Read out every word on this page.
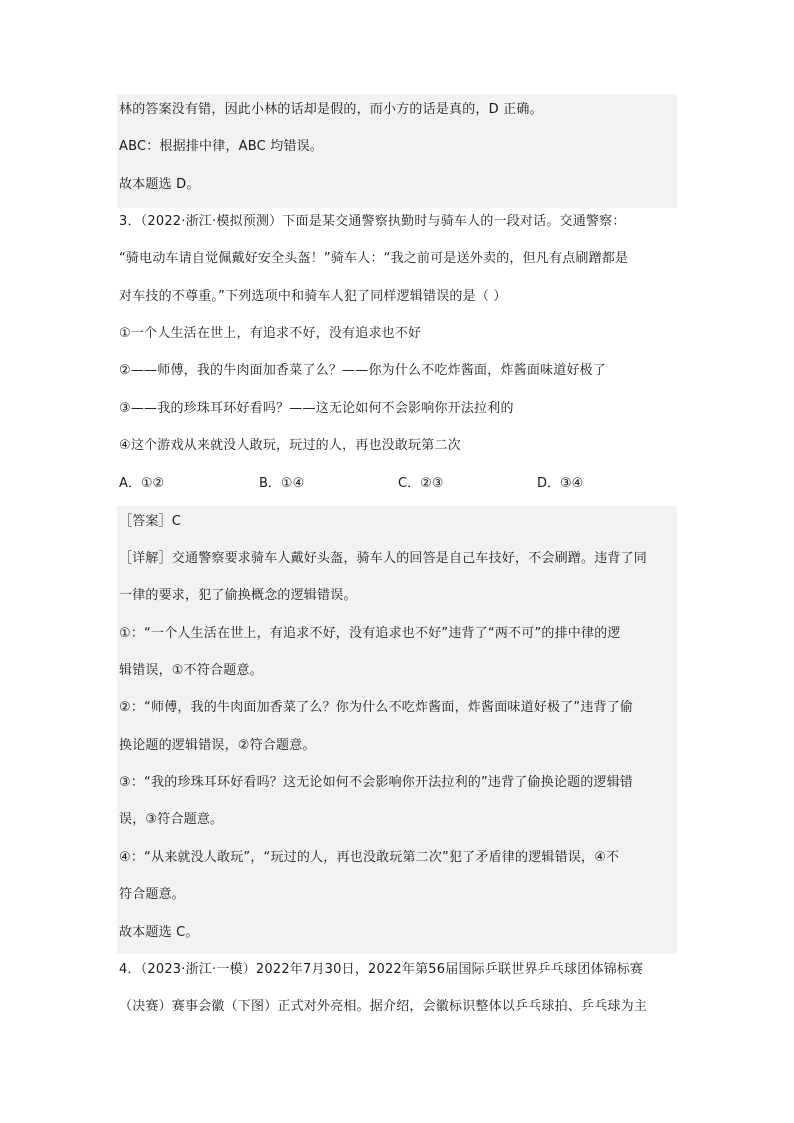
林的答案没有错，因此小林的话却是假的，而小方的话是真的，D 正确。
ABC：根据排中律，ABC 均错误。
故本题选 D。
3．（2022·浙江·模拟预测）下面是某交通警察执勤时与骑车人的一段对话。交通警察：
“骑电动车请自觉佩戴好安全头盔！”骑车人：“我之前可是送外卖的，但凡有点刷蹭都是
对车技的不尊重。”下列选项中和骑车人犯了同样逻辑错误的是（ ）
①一个人生活在世上，有追求不好，没有追求也不好
②——师傅，我的牛肉面加香菜了么？——你为什么不吃炸酱面，炸酱面味道好极了
③——我的珍珠耳环好看吗？——这无论如何不会影响你开法拉利的
④这个游戏从来就没人敢玩，玩过的人，再也没敢玩第二次
A．①②	B．①④	C．②③	D．③④
［答案］C
［详解］交通警察要求骑车人戴好头盔，骑车人的回答是自己车技好，不会刷蹭。违背了同
一律的要求，犯了偷换概念的逻辑错误。
①：“一个人生活在世上，有追求不好，没有追求也不好”违背了“两不可”的排中律的逻
辑错误，①不符合题意。
②：“师傅，我的牛肉面加香菜了么？你为什么不吃炸酱面，炸酱面味道好极了”违背了偷
换论题的逻辑错误，②符合题意。
③：“我的珍珠耳环好看吗？这无论如何不会影响你开法拉利的”违背了偷换论题的逻辑错
误，③符合题意。
④：“从来就没人敢玩”，“玩过的人，再也没敢玩第二次”犯了矛盾律的逻辑错误，④不
符合题意。
故本题选 C。
4．（2023·浙江·一模）2022年7月30日，2022年第56届国际乒联世界乒乓球团体锦标赛
（决赛）赛事会徽（下图）正式对外亮相。据介绍，会徽标识整体以乒乓球拍、乒乓球为主
